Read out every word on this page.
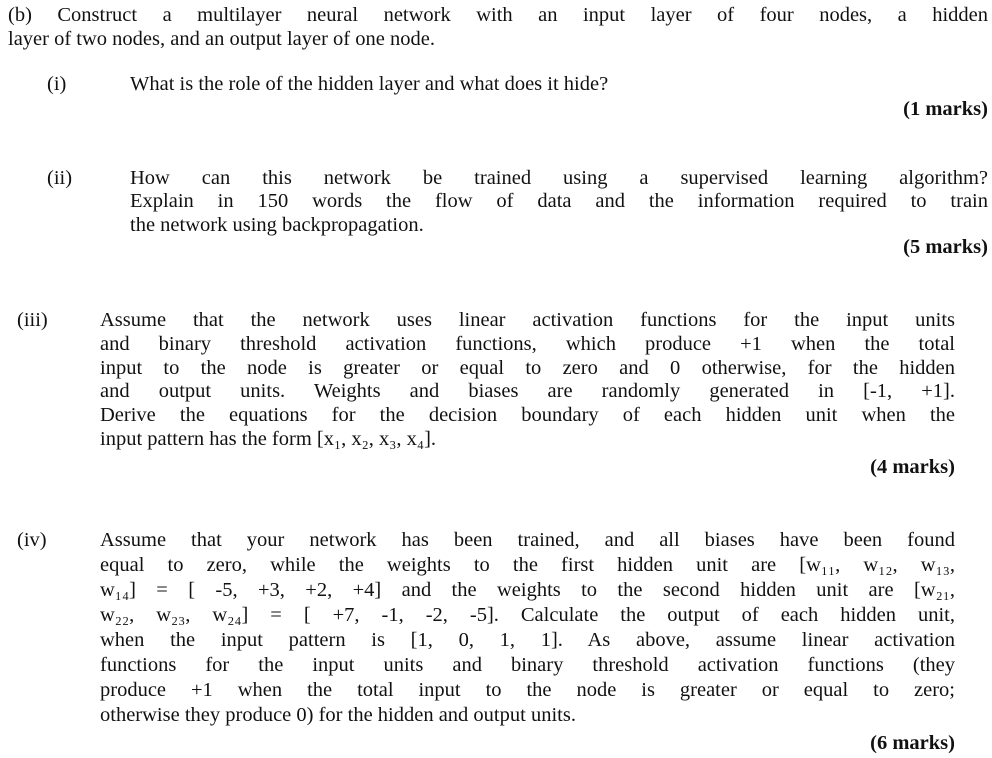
(b) Construct a multilayer neural network with an input layer of four nodes, a hidden
layer of two nodes, and an output layer of one node.
(i)	What is the role of the hidden layer and what does it hide?
(1 marks)
(ii)	How can this network be trained using a supervised learning algorithm?
Explain in 150 words the flow of data and the information required to train
the network using backpropagation.
(5 marks)
(iii)	Assume that the network uses linear activation functions for the input units
and binary threshold activation functions, which produce +1 when the total
input to the node is greater or equal to zero and 0 otherwise, for the hidden
and output units. Weights and biases are randomly generated in [-1, +1].
Derive the equations for the decision boundary of each hidden unit when the
input pattern has the form [x₁, x₂, x₃, x₄].
(4 marks)
(iv)	Assume that your network has been trained, and all biases have been found
equal to zero, while the weights to the first hidden unit are [w₁₁, w₁₂, w₁₃,
w₁₄] = [ -5, +3, +2, +4] and the weights to the second hidden unit are [w₂₁,
w₂₂, w₂₃, w₂₄] = [ +7, -1, -2, -5]. Calculate the output of each hidden unit,
when the input pattern is [1, 0, 1, 1]. As above, assume linear activation
functions for the input units and binary threshold activation functions (they
produce +1 when the total input to the node is greater or equal to zero;
otherwise they produce 0) for the hidden and output units.
(6 marks)
